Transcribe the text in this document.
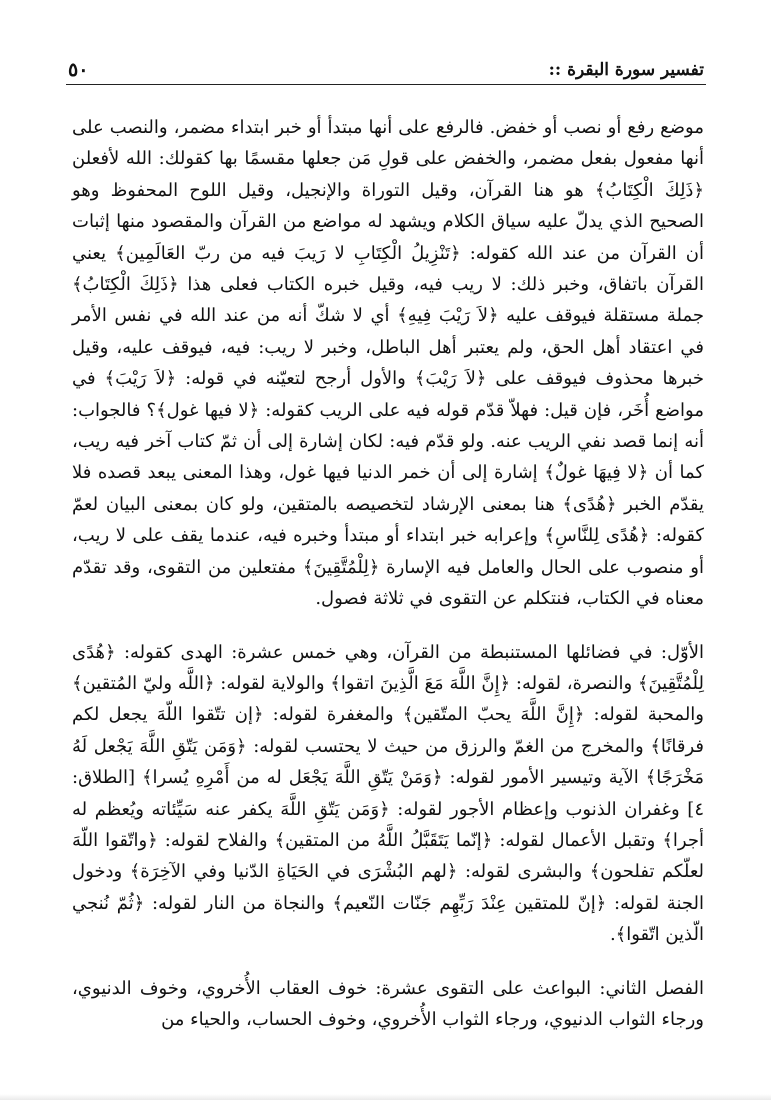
تفسير سورة البقرة ::
٥٠

موضع رفع أو نصب أو خفض. فالرفع على أنها مبتدأ أو خبر ابتداء مضمر، والنصب على أنها مفعول بفعل مضمر، والخفض على قولِ مَن جعلها مقسمًا بها كقولك: الله لأفعلن ﴿ذَلِكَ الْكِتَابُ﴾ هو هنا القرآن، وقيل التوراة والإنجيل، وقيل اللوح المحفوظ وهو الصحيح الذي يدلّ عليه سياق الكلام ويشهد له مواضع من القرآن والمقصود منها إثبات أن القرآن من عند الله كقوله: ﴿تَنْزِيلُ الْكِتَابِ لا رَيبَ فيه من ربّ العَالَمِين﴾ يعني القرآن باتفاق، وخبر ذلك: لا ريب فيه، وقيل خبره الكتاب فعلى هذا ﴿ذَلِكَ الْكِتَابُ﴾ جملة مستقلة فيوقف عليه ﴿لاَ رَيْبَ فِيهِ﴾ أي لا شكّ أنه من عند الله في نفس الأمر في اعتقاد أهل الحق، ولم يعتبر أهل الباطل، وخبر لا ريب: فيه، فيوقف عليه، وقيل خبرها محذوف فيوقف على ﴿لاَ رَيْبَ﴾ والأول أرجح لتعيّنه في قوله: ﴿لاَ رَيْبَ﴾ في مواضع أُخَر، فإن قيل: فهلاّ قدّم قوله فيه على الريب كقوله: ﴿لا فيها غول﴾؟ فالجواب: أنه إنما قصد نفي الريب عنه. ولو قدّم فيه: لكان إشارة إلى أن ثمّ كتاب آخر فيه ريب، كما أن ﴿لا فِيهَا غولٌ﴾ إشارة إلى أن خمر الدنيا فيها غول، وهذا المعنى يبعد قصده فلا يقدّم الخبر ﴿هُدًى﴾ هنا بمعنى الإرشاد لتخصيصه بالمتقين، ولو كان بمعنى البيان لعمّ كقوله: ﴿هُدًى لِلنَّاسِ﴾ وإعرابه خبر ابتداء أو مبتدأ وخبره فيه، عندما يقف على لا ريب، أو منصوب على الحال والعامل فيه الإسارة ﴿لِلْمُتَّقِينَ﴾ مفتعلين من التقوى، وقد تقدّم معناه في الكتاب، فنتكلم عن التقوى في ثلاثة فصول.

الأوّل: في فضائلها المستنبطة من القرآن، وهي خمس عشرة: الهدى كقوله: ﴿هُدًى لِلْمُتَّقِينَ﴾ والنصرة، لقوله: ﴿إِنَّ اللَّهَ مَعَ الَّذِينَ اتقوا﴾ والولاية لقوله: ﴿اللَّه وليّ المُتقين﴾ والمحبة لقوله: ﴿إِنَّ اللَّهَ يحبّ المتّقين﴾ والمغفرة لقوله: ﴿إن تتّقوا اللّهَ يجعل لكم فرقانًا﴾ والمخرج من الغمّ والرزق من حيث لا يحتسب لقوله: ﴿وَمَن يَتّقِ اللَّهَ يَجْعل لَهُ مَخْرَجًا﴾ الآية وتيسير الأمور لقوله: ﴿وَمَنْ يَتّقِ اللَّهَ يَجْعَل له من أَمْرِهِ يُسرا﴾ [الطلاق: ٤] وغفران الذنوب وإعظام الأجور لقوله: ﴿وَمَن يَتّقِ اللَّهَ يكفر عنه سَيِّئاته ويُعظم له أجرا﴾ وتقبل الأعمال لقوله: ﴿إنّما يَتَقَبَّلُ اللَّهُ من المتقين﴾ والفلاح لقوله: ﴿واتّقوا اللّهَ لعلّكم تفلحون﴾ والبشرى لقوله: ﴿لهم البُشْرَى في الحَيَاةِ الدّنيا وفي الآخِرَة﴾ ودخول الجنة لقوله: ﴿إنّ للمتقين عِنْدَ رَبِّهِم جَنّات النّعيم﴾ والنجاة من النار لقوله: ﴿ثُمّ نُنجي الّذين اتّقوا﴾.

الفصل الثاني: البواعث على التقوى عشرة: خوف العقاب الأُخروي، وخوف الدنيوي، ورجاء الثواب الدنيوي، ورجاء الثواب الأُخروي، وخوف الحساب، والحياء من
